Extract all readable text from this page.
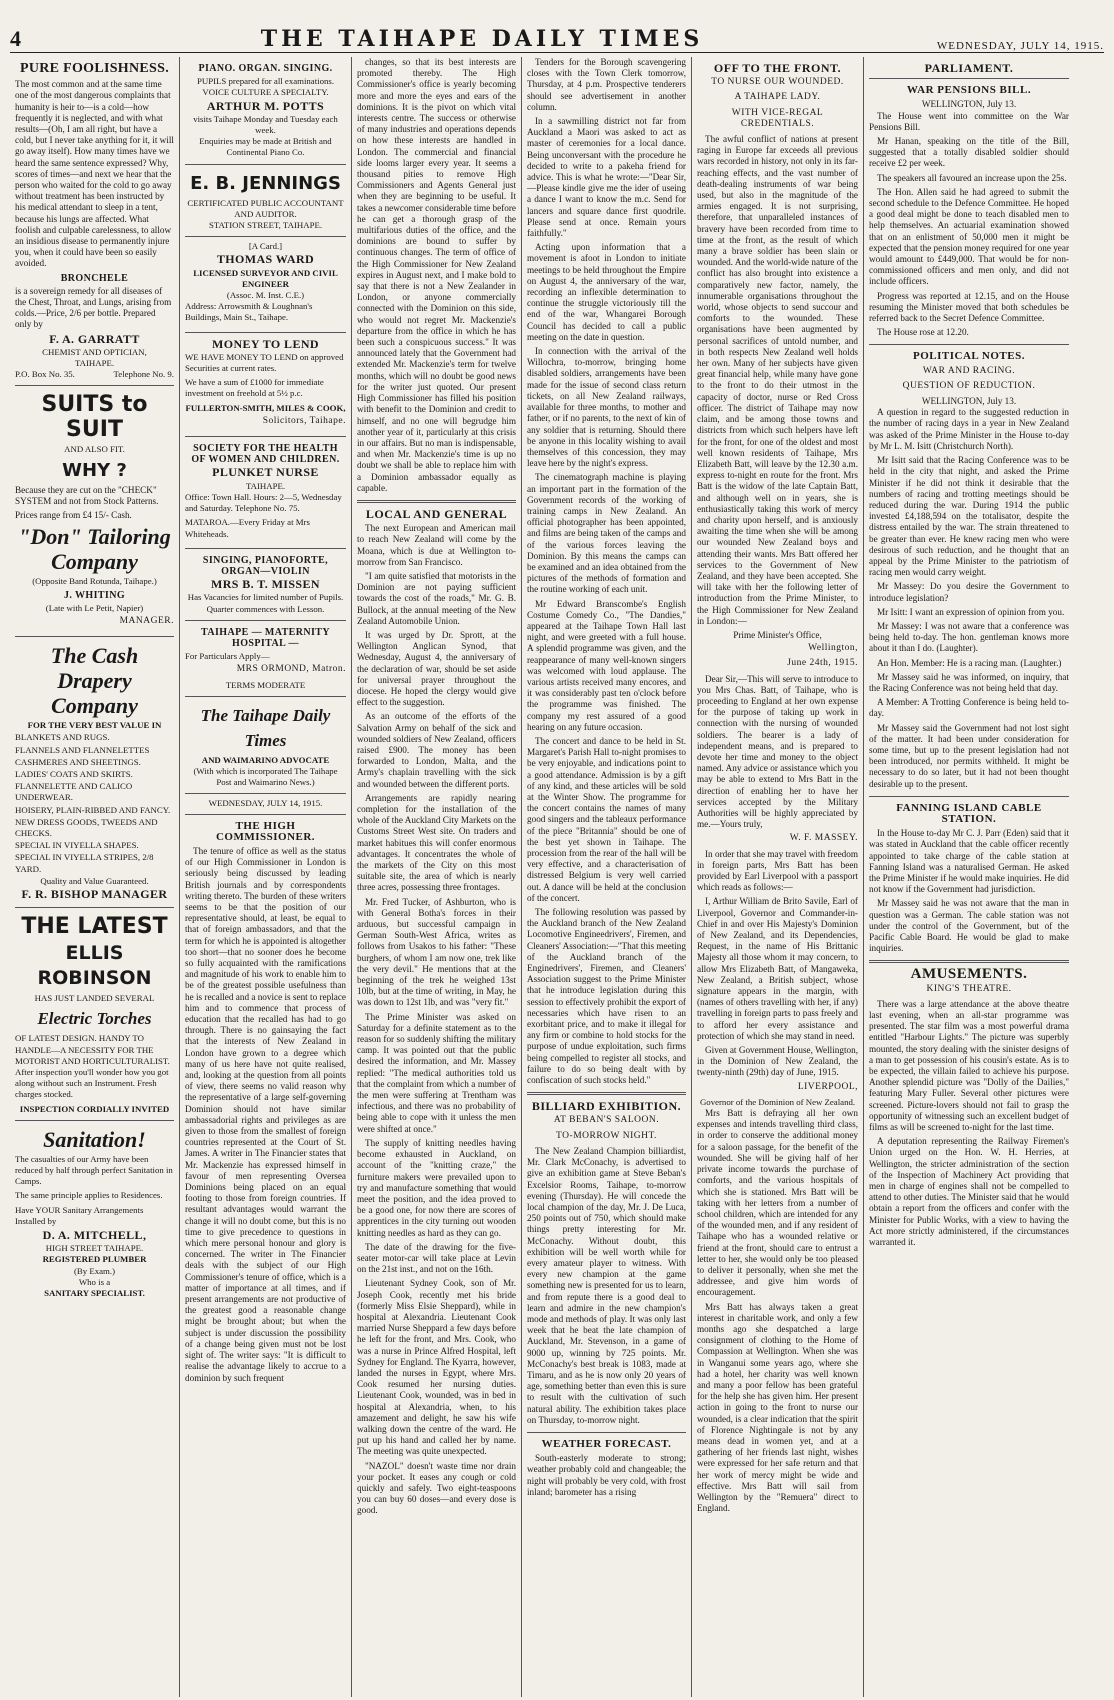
4	THE TAIHAPE DAILY TIMES	WEDNESDAY, JULY 14, 1915.
PURE FOOLISHNESS.

The most common and at the same time one of the most dangerous complaints that humanity is heir to—is a cold—how frequently it is neglected, and with what results—(Oh, I am all right, but have a cold, but I never take anything for it, it will go away itself). How many times have we heard the same sentence expressed? Why, scores of times—and next we hear that the person who waited for the cold to go away without treatment has been instructed by his medical attendant to sleep in a tent, because his lungs are affected. What foolish and culpable carelessness, to allow an insidious disease to permanently injure you, when it could have been so easily avoided.

BRONCHELE

is a sovereign remedy for all diseases of the Chest, Throat, and Lungs, arising from colds.—Price, 2/6 per bottle. Prepared only by

F. A. GARRATT
CHEMIST AND OPTICIAN,
TAIHAPE.
P.O. Box No. 35.	Telephone No. 9.
SUITS to SUIT
AND ALSO FIT.
WHY ?

Because they are cut on the "CHECK" SYSTEM and not from Stock Patterns.

Prices range from £4 15/- Cash.

"Don" Tailoring Company
(Opposite Band Rotunda, Taihape.)
J. WHITING
(Late with Le Petit, Napier)
MANAGER.
The Cash Drapery Company
FOR THE VERY BEST VALUE IN
BLANKETS AND RUGS.
FLANNELS AND FLANNELETTES
CASHMERES AND SHEETINGS.
LADIES' COATS AND SKIRTS.
FLANNELETTE AND CALICO UNDERWEAR.
HOISERY, PLAIN-RIBBED AND FANCY.
NEW DRESS GOODS, TWEEDS AND CHECKS.
SPECIAL IN VIYELLA SHAPES.
SPECIAL IN VIYELLA STRIPES, 2/8 YARD.
Quality and Value Guaranteed.
F. R. BISHOP MANAGER
THE LATEST
ELLIS ROBINSON
HAS JUST LANDED SEVERAL
Electric Torches

OF LATEST DESIGN. HANDY TO HANDLE—A NECESSITY FOR THE MOTORIST AND HORTICULTURALIST. After inspection you'll wonder how you got along without such an Instrument. Fresh charges stocked.

INSPECTION CORDIALLY INVITED
Sanitation!

The casualties of our Army have been reduced by half through perfect Sanitation in Camps.

The same principle applies to Residences.

Have YOUR Sanitary Arrangements Installed by

D. A. MITCHELL,
HIGH STREET TAIHAPE.
REGISTERED PLUMBER
(By Exam.)
Who is a
SANITARY SPECIALIST.
PIANO. ORGAN. SINGING.
PUPILS prepared for all examinations.
VOICE CULTURE A SPECIALTY.
ARTHUR M. POTTS
visits Taihape Monday and Tuesday each week.
Enquiries may be made at British and Continental Piano Co.
E. B. JENNINGS
CERTIFICATED PUBLIC ACCOUNTANT AND AUDITOR.
STATION STREET, TAIHAPE.
[A Card.]
THOMAS WARD
LICENSED SURVEYOR AND CIVIL ENGINEER
(Assoc. M. Inst. C.E.)

Address: Arrowsmith & Loughnan's Buildings, Main St., Taihape.

MONEY TO LEND

WE HAVE MONEY TO LEND on approved Securities at current rates.

We have a sum of £1000 for immediate investment on freehold at 5½ p.c.

FULLERTON-SMITH, MILES & COOK,
Solicitors, Taihape.
SOCIETY FOR THE HEALTH OF WOMEN AND CHILDREN.
PLUNKET NURSE
TAIHAPE.

Office: Town Hall. Hours: 2—5, Wednesday and Saturday. Telephone No. 75.

MATAROA.—Every Friday at Mrs Whiteheads.

SINGING, PIANOFORTE, ORGAN—VIOLIN
MRS B. T. MISSEN
Has Vacancies for limited number of Pupils.
Quarter commences with Lesson.
TAIHAPE — MATERNITY HOSPITAL —
For Particulars Apply—
MRS ORMOND, Matron.
TERMS MODERATE
The Taihape Daily Times
AND WAIMARINO ADVOCATE
(With which is incorporated The Taihape Post and Waimarino News.)
WEDNESDAY, JULY 14, 1915.
THE HIGH COMMISSIONER.

The tenure of office as well as the status of our High Commissioner in London is seriously being discussed by leading British journals and by correspondents writing thereto. The burden of these writers seems to be that the position of our representative should, at least, be equal to that of foreign ambassadors, and that the term for which he is appointed is altogether too short—that no sooner does he become so fully acquainted with the ramifications and magnitude of his work to enable him to be of the greatest possible usefulness than he is recalled and a novice is sent to replace him and to commence that process of education that the recalled has had to go through. There is no gainsaying the fact that the interests of New Zealand in London have grown to a degree which many of us here have not quite realised, and, looking at the question from all points of view, there seems no valid reason why the representative of a large self-governing Dominion should not have similar ambassadorial rights and privileges as are given to those from the smallest of foreign countries represented at the Court of St. James. A writer in The Financier states that Mr. Mackenzie has expressed himself in favour of men representing Oversea Dominions being placed on an equal footing to those from foreign countries. If resultant advantages would warrant the change it will no doubt come, but this is no time to give precedence to questions in which mere personal honour and glory is concerned. The writer in The Financier deals with the subject of our High Commissioner's tenure of office, which is a matter of importance at all times, and if present arrangements are not productive of the greatest good a reasonable change might be brought about; but when the subject is under discussion the possibility of a change being given must not be lost sight of. The writer says: "It is difficult to realise the advantage likely to accrue to a dominion by such frequent

changes, so that its best interests are promoted thereby. The High Commissioner's office is yearly becoming more and more the eyes and ears of the dominions. It is the pivot on which vital interests centre. The success or otherwise of many industries and operations depends on how these interests are handled in London. The commercial and financial side looms larger every year. It seems a thousand pities to remove High Commissioners and Agents General just when they are beginning to be useful. It takes a newcomer considerable time before he can get a thorough grasp of the multifarious duties of the office, and the dominions are bound to suffer by continuous changes. The term of office of the High Commissioner for New Zealand expires in August next, and I make bold to say that there is not a New Zealander in London, or anyone commercially connected with the Dominion on this side, who would not regret Mr. Mackenzie's departure from the office in which he has been such a conspicuous success." It was announced lately that the Government had extended Mr. Mackenzie's term for twelve months, which will no doubt be good news for the writer just quoted. Our present High Commissioner has filled his position with benefit to the Dominion and credit to himself, and no one will begrudge him another year of it, particularly at this crisis in our affairs. But no man is indispensable, and when Mr. Mackenzie's time is up no doubt we shall be able to replace him with a Dominion ambassador equally as capable.

LOCAL AND GENERAL

The next European and American mail to reach New Zealand will come by the Moana, which is due at Wellington to-morrow from San Francisco.

"I am quite satisfied that motorists in the Dominion are not paying sufficient towards the cost of the roads," Mr. G. B. Bullock, at the annual meeting of the New Zealand Automobile Union.

It was urged by Dr. Sprott, at the Wellington Anglican Synod, that Wednesday, August 4, the anniversary of the declaration of war, should be set aside for universal prayer throughout the diocese. He hoped the clergy would give effect to the suggestion.

As an outcome of the efforts of the Salvation Army on behalf of the sick and wounded soldiers of New Zealand, officers raised £900. The money has been forwarded to London, Malta, and the Army's chaplain travelling with the sick and wounded between the different ports.

Arrangements are rapidly nearing completion for the installation of the whole of the Auckland City Markets on the Customs Street West site. On traders and market habitues this will confer enormous advantages. It concentrates the whole of the markets of the City on this most suitable site, the area of which is nearly three acres, possessing three frontages.

Mr. Fred Tucker, of Ashburton, who is with General Botha's forces in their arduous, but successful campaign in German South-West Africa, writes as follows from Usakos to his father: "These burghers, of whom I am now one, trek like the very devil." He mentions that at the beginning of the trek he weighed 13st 10lb, but at the time of writing, in May, he was down to 12st 1lb, and was "very fit."

The Prime Minister was asked on Saturday for a definite statement as to the reason for so suddenly shifting the military camp. It was pointed out that the public desired the information, and Mr. Massey replied: "The medical authorities told us that the complaint from which a number of the men were suffering at Trentham was infectious, and there was no probability of being able to cope with it unless the men were shifted at once."

The supply of knitting needles having become exhausted in Auckland, on account of the "knitting craze," the furniture makers were prevailed upon to try and manufacture something that would meet the position, and the idea proved to be a good one, for now there are scores of apprentices in the city turning out wooden knitting needles as hard as they can go.

The date of the drawing for the five-seater motor-car will take place at Levin on the 21st inst., and not on the 16th.

Lieutenant Sydney Cook, son of Mr. Joseph Cook, recently met his bride (formerly Miss Elsie Sheppard), while in hospital at Alexandria. Lieutenant Cook married Nurse Sheppard a few days before he left for the front, and Mrs. Cook, who was a nurse in Prince Alfred Hospital, left Sydney for England. The Kyarra, however, landed the nurses in Egypt, where Mrs. Cook resumed her nursing duties. Lieutenant Cook, wounded, was in bed in hospital at Alexandria, when, to his amazement and delight, he saw his wife walking down the centre of the ward. He put up his hand and called her by name. The meeting was quite unexpected.

"NAZOL" doesn't waste time nor drain your pocket. It eases any cough or cold quickly and safely. Two eight-teaspoons you can buy 60 doses—and every dose is good.

Tenders for the Borough scavengering closes with the Town Clerk tomorrow, Thursday, at 4 p.m. Prospective tenderers should see advertisement in another column.

In a sawmilling district not far from Auckland a Maori was asked to act as master of ceremonies for a local dance. Being unconversant with the procedure he decided to write to a pakeha friend for advice. This is what he wrote:—"Dear Sir,—Please kindle give me the ider of useing a dance I want to know the m.c. Send for lancers and square dance first quodrile. Please send at once. Remain yours faithfully."

Acting upon information that a movement is afoot in London to initiate meetings to be held throughout the Empire on August 4, the anniversary of the war, recording an inflexible determination to continue the struggle victoriously till the end of the war, Whangarei Borough Council has decided to call a public meeting on the date in question.

In connection with the arrival of the Willochra, to-morrow, bringing home disabled soldiers, arrangements have been made for the issue of second class return tickets, on all New Zealand railways, available for three months, to mother and father, or if no parents, to the next of kin of any soldier that is returning. Should there be anyone in this locality wishing to avail themselves of this concession, they may leave here by the night's express.

The cinematograph machine is playing an important part in the formation of the Government records of the working of training camps in New Zealand. An official photographer has been appointed, and films are being taken of the camps and of the various forces leaving the Dominion. By this means the camps can be examined and an idea obtained from the pictures of the methods of formation and the routine working of each unit.

Mr Edward Branscombe's English Costume Comedy Co., "The Dandies," appeared at the Taihape Town Hall last night, and were greeted with a full house. A splendid programme was given, and the reappearance of many well-known singers was welcomed with loud applause. The various artists received many encores, and it was considerably past ten o'clock before the programme was finished. The company my rest assured of a good hearing on any future occasion.

The concert and dance to be held in St. Margaret's Parish Hall to-night promises to be very enjoyable, and indications point to a good attendance. Admission is by a gift of any kind, and these articles will be sold at the Winter Show. The programme for the concert contains the names of many good singers and the tableaux performance of the piece "Britannia" should be one of the best yet shown in Taihape. The procession from the rear of the hall will be very effective, and a characterisation of distressed Belgium is very well carried out. A dance will be held at the conclusion of the concert.

The following resolution was passed by the Auckland branch of the New Zealand Locomotive Engineedrivers', Firemen, and Cleaners' Association:—"That this meeting of the Auckland branch of the Enginedrivers', Firemen, and Cleaners' Association suggest to the Prime Minister that he introduce legislation during this session to effectively prohibit the export of necessaries which have risen to an exorbitant price, and to make it illegal for any firm or combine to hold stocks for the purpose of undue exploitation, such firms being compelled to register all stocks, and failure to do so being dealt with by confiscation of such stocks held."

BILLIARD EXHIBITION.
AT BEBAN'S SALOON.
TO-MORROW NIGHT.

The New Zealand Champion billiardist, Mr. Clark McConachy, is advertised to give an exhibition game at Steve Beban's Excelsior Rooms, Taihape, to-morrow evening (Thursday). He will concede the local champion of the day, Mr. J. De Luca, 250 points out of 750, which should make things pretty interesting for Mr. McConachy. Without doubt, this exhibition will be well worth while for every amateur player to witness. With every new champion at the game something new is presented for us to learn, and from repute there is a good deal to learn and admire in the new champion's mode and methods of play. It was only last week that he beat the late champion of Auckland, Mr. Stevenson, in a game of 9000 up, winning by 725 points. Mr. McConachy's best break is 1083, made at Timaru, and as he is now only 20 years of age, something better than even this is sure to result with the cultivation of such natural ability. The exhibition takes place on Thursday, to-morrow night.

WEATHER FORECAST.

South-easterly moderate to strong; weather probably cold and changeable; the night will probably be very cold, with frost inland; barometer has a rising

OFF TO THE FRONT.
TO NURSE OUR WOUNDED.
A TAIHAPE LADY.
WITH VICE-REGAL CREDENTIALS.

The awful conflict of nations at present raging in Europe far exceeds all previous wars recorded in history, not only in its far-reaching effects, and the vast number of death-dealing instruments of war being used, but also in the magnitude of the armies engaged. It is not surprising, therefore, that unparalleled instances of bravery have been recorded from time to time at the front, as the result of which many a brave soldier has been slain or wounded. And the world-wide nature of the conflict has also brought into existence a comparatively new factor, namely, the innumerable organisations throughout the world, whose objects to send succour and comforts to the wounded. These organisations have been augmented by personal sacrifices of untold number, and in both respects New Zealand well holds her own. Many of her subjects have given great financial help, while many have gone to the front to do their utmost in the capacity of doctor, nurse or Red Cross officer. The district of Taihape may now claim, and be among those towns and districts from which such helpers have left for the front, for one of the oldest and most well known residents of Taihape, Mrs Elizabeth Batt, will leave by the 12.30 a.m. express to-night en route for the front. Mrs Batt is the widow of the late Captain Batt, and although well on in years, she is enthusiastically taking this work of mercy and charity upon herself, and is anxiously awaiting the time when she will be among our wounded New Zealand boys and attending their wants. Mrs Batt offered her services to the Government of New Zealand, and they have been accepted. She will take with her the following letter of introduction from the Prime Minister, to the High Commissioner for New Zealand in London:—

Prime Minister's Office,
Wellington,
June 24th, 1915.

Dear Sir,—This will serve to introduce to you Mrs Chas. Batt, of Taihape, who is proceeding to England at her own expense for the purpose of taking up work in connection with the nursing of wounded soldiers. The bearer is a lady of independent means, and is prepared to devote her time and money to the object named. Any advice or assistance which you may be able to extend to Mrs Batt in the direction of enabling her to have her services accepted by the Military Authorities will be highly appreciated by me.—Yours truly,

W. F. MASSEY.

In order that she may travel with freedom in foreign parts, Mrs Batt has been provided by Earl Liverpool with a passport which reads as follows:—

I, Arthur William de Brito Savile, Earl of Liverpool, Governor and Commander-in-Chief in and over His Majesty's Dominion of New Zealand, and its Dependencies, Request, in the name of His Brittanic Majesty all those whom it may concern, to allow Mrs Elizabeth Batt, of Mangaweka, New Zealand, a British subject, whose signature appears in the margin, with (names of others travelling with her, if any) travelling in foreign parts to pass freely and to afford her every assistance and protection of which she may stand in need.

Given at Government House, Wellington, in the Dominion of New Zealand, the twenty-ninth (29th) day of June, 1915.

LIVERPOOL,
Governor of the Dominion of New Zealand.

Mrs Batt is defraying all her own expenses and intends travelling third class, in order to conserve the additional money for a saloon passage, for the benefit of the wounded. She will be giving half of her private income towards the purchase of comforts, and the various hospitals of which she is stationed. Mrs Batt will be taking with her letters from a number of school children, which are intended for any of the wounded men, and if any resident of Taihape who has a wounded relative or friend at the front, should care to entrust a letter to her, she would only be too pleased to deliver it personally, when she met the addressee, and give him words of encouragement.

Mrs Batt has always taken a great interest in charitable work, and only a few months ago she despatched a large consignment of clothing to the Home of Compassion at Wellington. When she was in Wanganui some years ago, where she had a hotel, her charity was well known and many a poor fellow has been grateful for the help she has given him. Her present action in going to the front to nurse our wounded, is a clear indication that the spirit of Florence Nightingale is not by any means dead in women yet, and at a gathering of her friends last night, wishes were expressed for her safe return and that her work of mercy might be wide and effective. Mrs Batt will sail from Wellington by the "Remuera" direct to England.

PARLIAMENT.
WAR PENSIONS BILL.
WELLINGTON, July 13.

The House went into committee on the War Pensions Bill.

Mr Hanan, speaking on the title of the Bill, suggested that a totally disabled soldier should receive £2 per week.

The speakers all favoured an increase upon the 25s.

The Hon. Allen said he had agreed to submit the second schedule to the Defence Committee. He hoped a good deal might be done to teach disabled men to help themselves. An actuarial examination showed that on an enlistment of 50,000 men it might be expected that the pension money required for one year would amount to £449,000. That would be for non-commissioned officers and men only, and did not include officers.

Progress was reported at 12.15, and on the House resuming the Minister moved that both schedules be referred back to the Secret Defence Committee.

The House rose at 12.20.

POLITICAL NOTES.
WAR AND RACING.
QUESTION OF REDUCTION.
WELLINGTON, July 13.

A question in regard to the suggested reduction in the number of racing days in a year in New Zealand was asked of the Prime Minister in the House to-day by Mr L. M. Isitt (Christchurch North).

Mr Isitt said that the Racing Conference was to be held in the city that night, and asked the Prime Minister if he did not think it desirable that the numbers of racing and trotting meetings should be reduced during the war. During 1914 the public invested £4,188,594 on the totalisator, despite the distress entailed by the war. The strain threatened to be greater than ever. He knew racing men who were desirous of such reduction, and he thought that an appeal by the Prime Minister to the patriotism of racing men would carry weight.

Mr Massey: Do you desire the Government to introduce legislation?

Mr Isitt: I want an expression of opinion from you.

Mr Massey: I was not aware that a conference was being held to-day. The hon. gentleman knows more about it than I do. (Laughter).

An Hon. Member: He is a racing man. (Laughter.)

Mr Massey said he was informed, on inquiry, that the Racing Conference was not being held that day.

A Member: A Trotting Conference is being held to-day.

Mr Massey said the Government had not lost sight of the matter. It had been under consideration for some time, but up to the present legislation had not been introduced, nor permits withheld. It might be necessary to do so later, but it had not been thought desirable up to the present.

FANNING ISLAND CABLE STATION.

In the House to-day Mr C. J. Parr (Eden) said that it was stated in Auckland that the cable officer recently appointed to take charge of the cable station at Fanning Island was a naturalised German. He asked the Prime Minister if he would make inquiries. He did not know if the Government had jurisdiction.

Mr Massey said he was not aware that the man in question was a German. The cable station was not under the control of the Government, but of the Pacific Cable Board. He would be glad to make inquiries.

AMUSEMENTS.
KING'S THEATRE.

There was a large attendance at the above theatre last evening, when an all-star programme was presented. The star film was a most powerful drama entitled "Harbour Lights." The picture was superbly mounted, the story dealing with the sinister designs of a man to get possession of his cousin's estate. As is to be expected, the villain failed to achieve his purpose. Another splendid picture was "Dolly of the Dailies," featuring Mary Fuller. Several other pictures were screened. Picture-lovers should not fail to grasp the opportunity of witnessing such an excellent budget of films as will be screened to-night for the last time.

A deputation representing the Railway Firemen's Union urged on the Hon. W. H. Herries, at Wellington, the stricter administration of the section of the Inspection of Machinery Act providing that men in charge of engines shall not be compelled to attend to other duties. The Minister said that he would obtain a report from the officers and confer with the Minister for Public Works, with a view to having the Act more strictly administered, if the circumstances warranted it.
